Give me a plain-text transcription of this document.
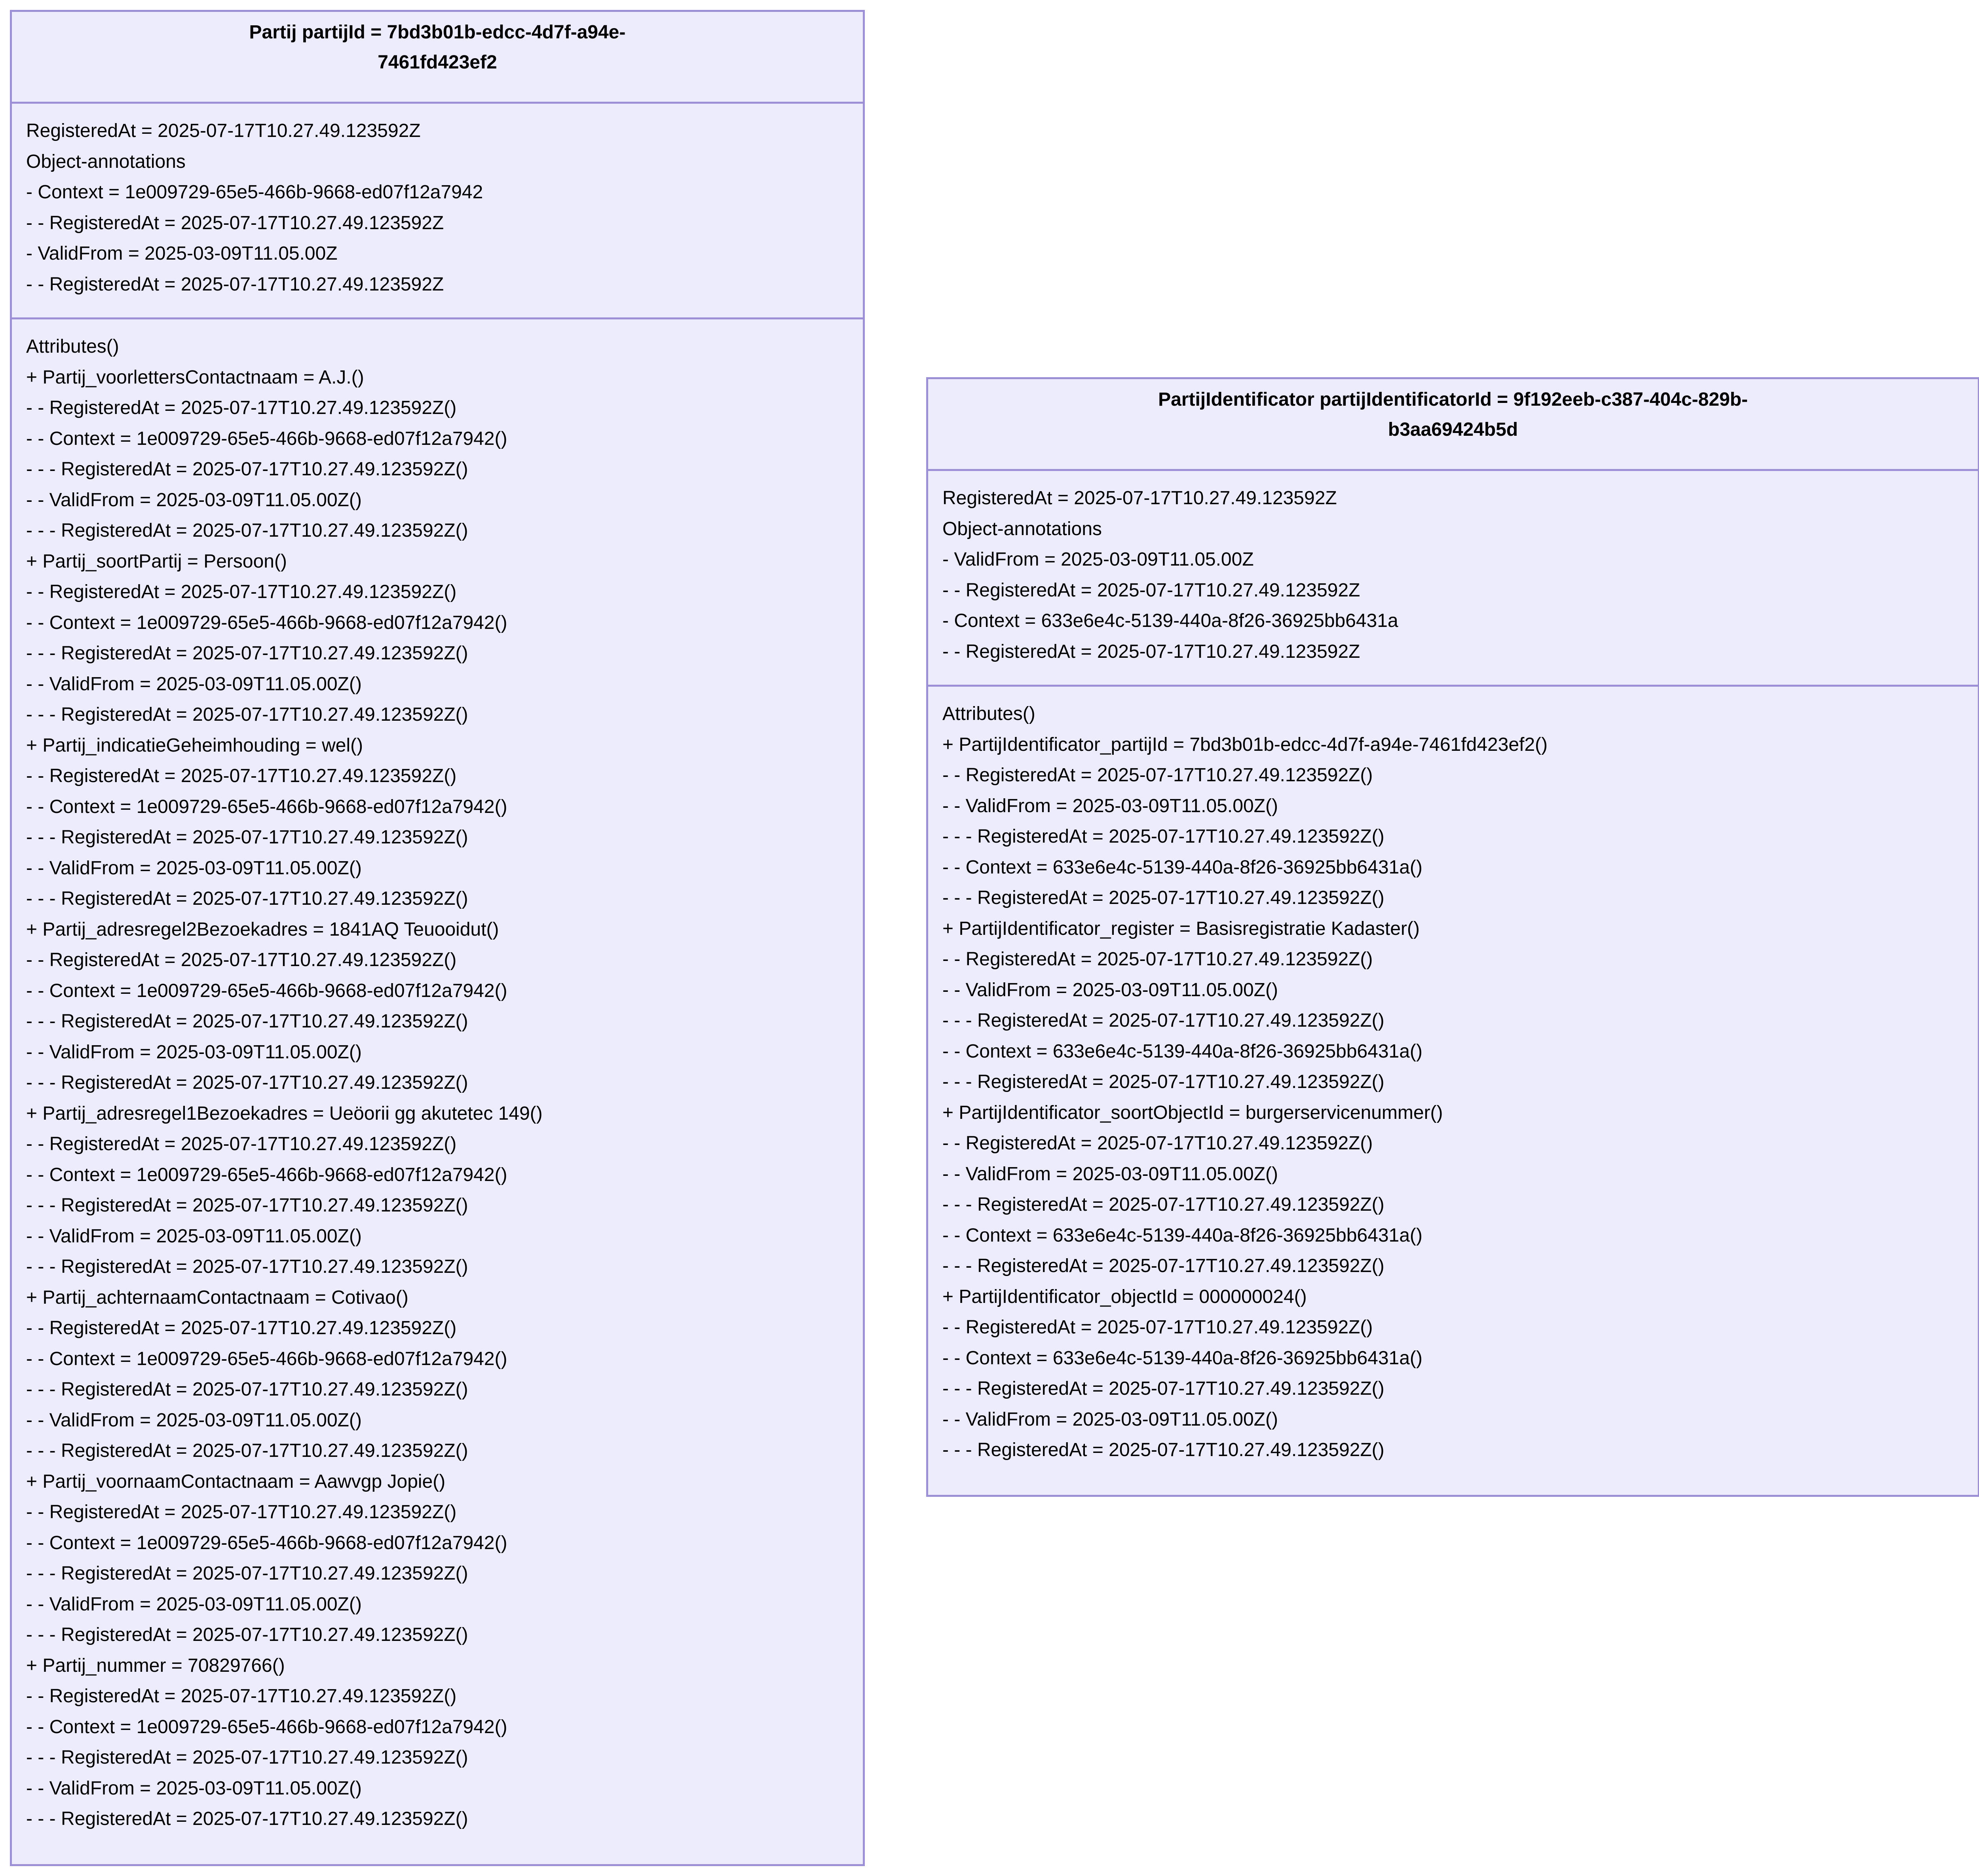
Partij partijId = 7bd3b01b-edcc-4d7f-a94e-
7461fd423ef2
RegisteredAt = 2025-07-17T10.27.49.123592Z
Object-annotations
- Context = 1e009729-65e5-466b-9668-ed07f12a7942
- - RegisteredAt = 2025-07-17T10.27.49.123592Z
- ValidFrom = 2025-03-09T11.05.00Z
- - RegisteredAt = 2025-07-17T10.27.49.123592Z
Attributes()
+ Partij_voorlettersContactnaam = A.J.()
- - RegisteredAt = 2025-07-17T10.27.49.123592Z()
- - Context = 1e009729-65e5-466b-9668-ed07f12a7942()
- - - RegisteredAt = 2025-07-17T10.27.49.123592Z()
- - ValidFrom = 2025-03-09T11.05.00Z()
- - - RegisteredAt = 2025-07-17T10.27.49.123592Z()
+ Partij_soortPartij = Persoon()
- - RegisteredAt = 2025-07-17T10.27.49.123592Z()
- - Context = 1e009729-65e5-466b-9668-ed07f12a7942()
- - - RegisteredAt = 2025-07-17T10.27.49.123592Z()
- - ValidFrom = 2025-03-09T11.05.00Z()
- - - RegisteredAt = 2025-07-17T10.27.49.123592Z()
+ Partij_indicatieGeheimhouding = wel()
- - RegisteredAt = 2025-07-17T10.27.49.123592Z()
- - Context = 1e009729-65e5-466b-9668-ed07f12a7942()
- - - RegisteredAt = 2025-07-17T10.27.49.123592Z()
- - ValidFrom = 2025-03-09T11.05.00Z()
- - - RegisteredAt = 2025-07-17T10.27.49.123592Z()
+ Partij_adresregel2Bezoekadres = 1841AQ Teuooidut()
- - RegisteredAt = 2025-07-17T10.27.49.123592Z()
- - Context = 1e009729-65e5-466b-9668-ed07f12a7942()
- - - RegisteredAt = 2025-07-17T10.27.49.123592Z()
- - ValidFrom = 2025-03-09T11.05.00Z()
- - - RegisteredAt = 2025-07-17T10.27.49.123592Z()
+ Partij_adresregel1Bezoekadres = Ueöorii gg akutetec 149()
- - RegisteredAt = 2025-07-17T10.27.49.123592Z()
- - Context = 1e009729-65e5-466b-9668-ed07f12a7942()
- - - RegisteredAt = 2025-07-17T10.27.49.123592Z()
- - ValidFrom = 2025-03-09T11.05.00Z()
- - - RegisteredAt = 2025-07-17T10.27.49.123592Z()
+ Partij_achternaamContactnaam = Cotivao()
- - RegisteredAt = 2025-07-17T10.27.49.123592Z()
- - Context = 1e009729-65e5-466b-9668-ed07f12a7942()
- - - RegisteredAt = 2025-07-17T10.27.49.123592Z()
- - ValidFrom = 2025-03-09T11.05.00Z()
- - - RegisteredAt = 2025-07-17T10.27.49.123592Z()
+ Partij_voornaamContactnaam = Aawvgp Jopie()
- - RegisteredAt = 2025-07-17T10.27.49.123592Z()
- - Context = 1e009729-65e5-466b-9668-ed07f12a7942()
- - - RegisteredAt = 2025-07-17T10.27.49.123592Z()
- - ValidFrom = 2025-03-09T11.05.00Z()
- - - RegisteredAt = 2025-07-17T10.27.49.123592Z()
+ Partij_nummer = 70829766()
- - RegisteredAt = 2025-07-17T10.27.49.123592Z()
- - Context = 1e009729-65e5-466b-9668-ed07f12a7942()
- - - RegisteredAt = 2025-07-17T10.27.49.123592Z()
- - ValidFrom = 2025-03-09T11.05.00Z()
- - - RegisteredAt = 2025-07-17T10.27.49.123592Z()
PartijIdentificator partijIdentificatorId = 9f192eeb-c387-404c-829b-
b3aa69424b5d
RegisteredAt = 2025-07-17T10.27.49.123592Z
Object-annotations
- ValidFrom = 2025-03-09T11.05.00Z
- - RegisteredAt = 2025-07-17T10.27.49.123592Z
- Context = 633e6e4c-5139-440a-8f26-36925bb6431a
- - RegisteredAt = 2025-07-17T10.27.49.123592Z
Attributes()
+ PartijIdentificator_partijId = 7bd3b01b-edcc-4d7f-a94e-7461fd423ef2()
- - RegisteredAt = 2025-07-17T10.27.49.123592Z()
- - ValidFrom = 2025-03-09T11.05.00Z()
- - - RegisteredAt = 2025-07-17T10.27.49.123592Z()
- - Context = 633e6e4c-5139-440a-8f26-36925bb6431a()
- - - RegisteredAt = 2025-07-17T10.27.49.123592Z()
+ PartijIdentificator_register = Basisregistratie Kadaster()
- - RegisteredAt = 2025-07-17T10.27.49.123592Z()
- - ValidFrom = 2025-03-09T11.05.00Z()
- - - RegisteredAt = 2025-07-17T10.27.49.123592Z()
- - Context = 633e6e4c-5139-440a-8f26-36925bb6431a()
- - - RegisteredAt = 2025-07-17T10.27.49.123592Z()
+ PartijIdentificator_soortObjectId = burgerservicenummer()
- - RegisteredAt = 2025-07-17T10.27.49.123592Z()
- - ValidFrom = 2025-03-09T11.05.00Z()
- - - RegisteredAt = 2025-07-17T10.27.49.123592Z()
- - Context = 633e6e4c-5139-440a-8f26-36925bb6431a()
- - - RegisteredAt = 2025-07-17T10.27.49.123592Z()
+ PartijIdentificator_objectId = 000000024()
- - RegisteredAt = 2025-07-17T10.27.49.123592Z()
- - Context = 633e6e4c-5139-440a-8f26-36925bb6431a()
- - - RegisteredAt = 2025-07-17T10.27.49.123592Z()
- - ValidFrom = 2025-03-09T11.05.00Z()
- - - RegisteredAt = 2025-07-17T10.27.49.123592Z()
